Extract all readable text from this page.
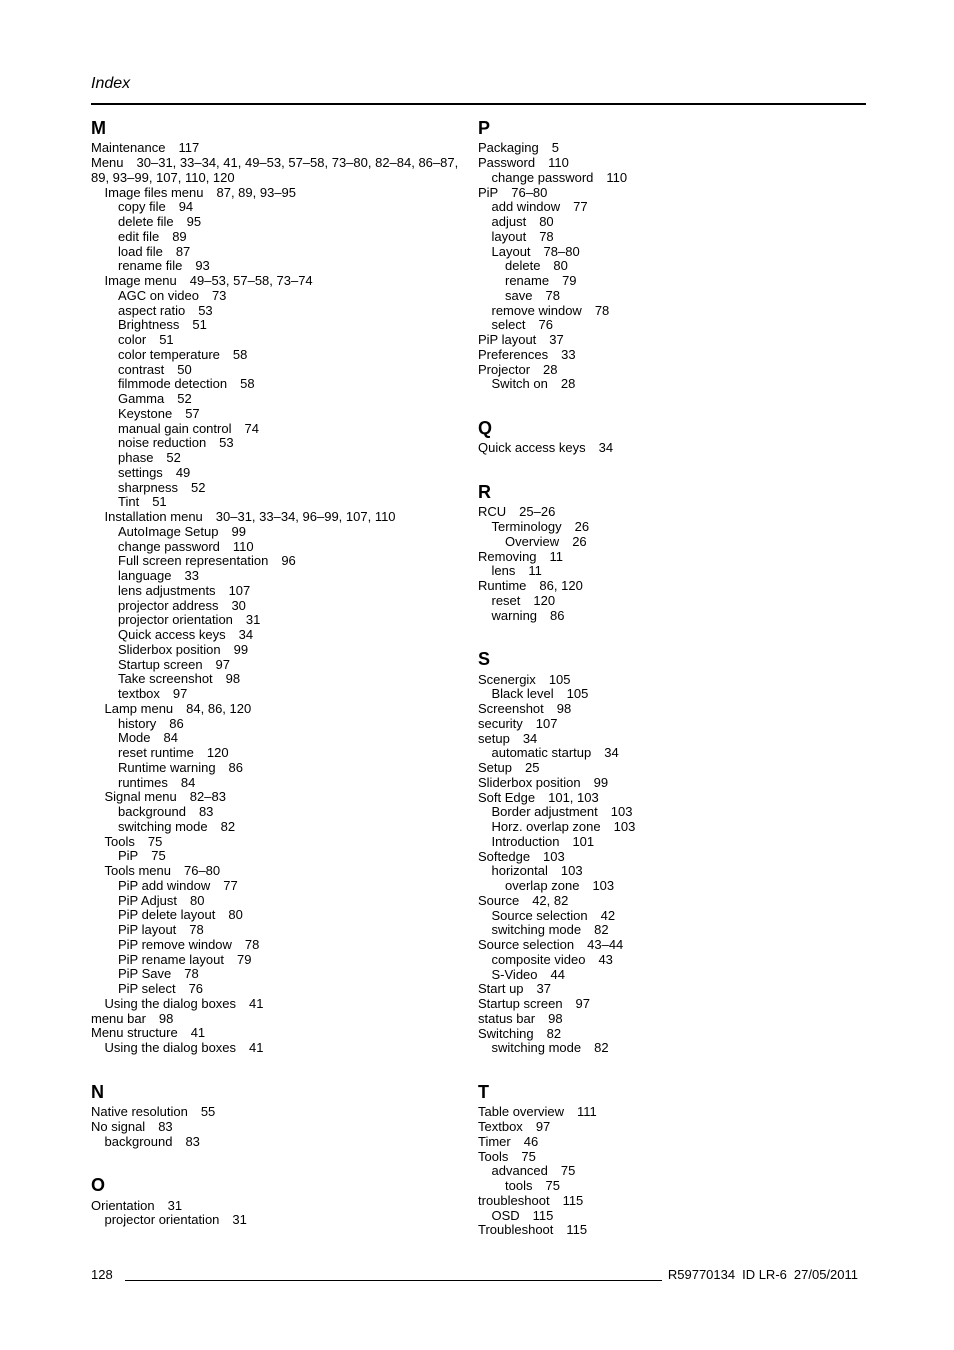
Index
M
Maintenance 117
Menu 30–31, 33–34, 41, 49–53, 57–58, 73–80, 82–84, 86–87, 89, 93–99, 107, 110, 120
Image files menu 87, 89, 93–95
copy file 94
delete file 95
edit file 89
load file 87
rename file 93
Image menu 49–53, 57–58, 73–74
AGC on video 73
aspect ratio 53
Brightness 51
color 51
color temperature 58
contrast 50
filmmode detection 58
Gamma 52
Keystone 57
manual gain control 74
noise reduction 53
phase 52
settings 49
sharpness 52
Tint 51
Installation menu 30–31, 33–34, 96–99, 107, 110
AutoImage Setup 99
change password 110
Full screen representation 96
language 33
lens adjustments 107
projector address 30
projector orientation 31
Quick access keys 34
Sliderbox position 99
Startup screen 97
Take screenshot 98
textbox 97
Lamp menu 84, 86, 120
history 86
Mode 84
reset runtime 120
Runtime warning 86
runtimes 84
Signal menu 82–83
background 83
switching mode 82
Tools 75
PiP 75
Tools menu 76–80
PiP add window 77
PiP Adjust 80
PiP delete layout 80
PiP layout 78
PiP remove window 78
PiP rename layout 79
PiP Save 78
PiP select 76
Using the dialog boxes 41
menu bar 98
Menu structure 41
Using the dialog boxes 41
N
Native resolution 55
No signal 83
background 83
O
Orientation 31
projector orientation 31
P
Packaging 5
Password 110
change password 110
PiP 76–80
add window 77
adjust 80
layout 78
Layout 78–80
delete 80
rename 79
save 78
remove window 78
select 76
PiP layout 37
Preferences 33
Projector 28
Switch on 28
Q
Quick access keys 34
R
RCU 25–26
Terminology 26
Overview 26
Removing 11
lens 11
Runtime 86, 120
reset 120
warning 86
S
Scenergix 105
Black level 105
Screenshot 98
security 107
setup 34
automatic startup 34
Setup 25
Sliderbox position 99
Soft Edge 101, 103
Border adjustment 103
Horz. overlap zone 103
Introduction 101
Softedge 103
horizontal 103
overlap zone 103
Source 42, 82
Source selection 42
switching mode 82
Source selection 43–44
composite video 43
S-Video 44
Start up 37
Startup screen 97
status bar 98
Switching 82
switching mode 82
T
Table overview 111
Textbox 97
Timer 46
Tools 75
advanced 75
tools 75
troubleshoot 115
OSD 115
Troubleshoot 115
128	R59770134 ID LR-6 27/05/2011
